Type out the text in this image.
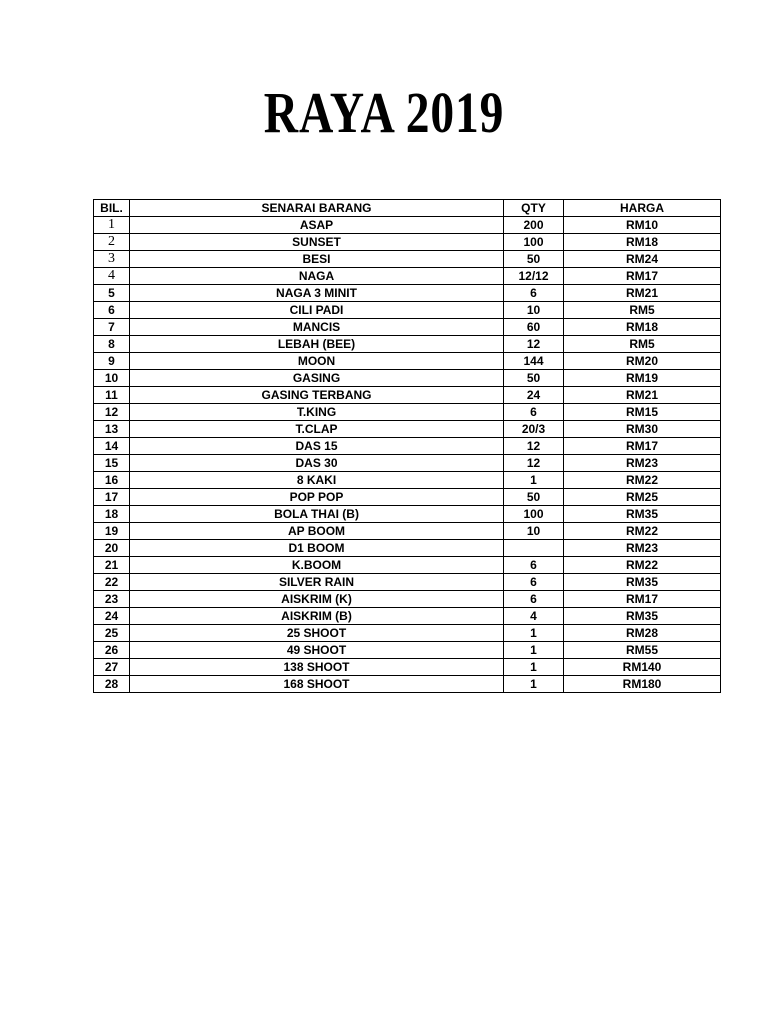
RAYA 2019
BIL.	SENARAI BARANG	QTY	HARGA
1	ASAP	200	RM10
2	SUNSET	100	RM18
3	BESI	50	RM24
4	NAGA	12/12	RM17
5	NAGA 3 MINIT	6	RM21
6	CILI PADI	10	RM5
7	MANCIS	60	RM18
8	LEBAH (BEE)	12	RM5
9	MOON	144	RM20
10	GASING	50	RM19
11	GASING TERBANG	24	RM21
12	T.KING	6	RM15
13	T.CLAP	20/3	RM30
14	DAS 15	12	RM17
15	DAS 30	12	RM23
16	8 KAKI	1	RM22
17	POP POP	50	RM25
18	BOLA THAI (B)	100	RM35
19	AP BOOM	10	RM22
20	D1 BOOM		RM23
21	K.BOOM	6	RM22
22	SILVER RAIN	6	RM35
23	AISKRIM (K)	6	RM17
24	AISKRIM (B)	4	RM35
25	25 SHOOT	1	RM28
26	49 SHOOT	1	RM55
27	138 SHOOT	1	RM140
28	168 SHOOT	1	RM180
